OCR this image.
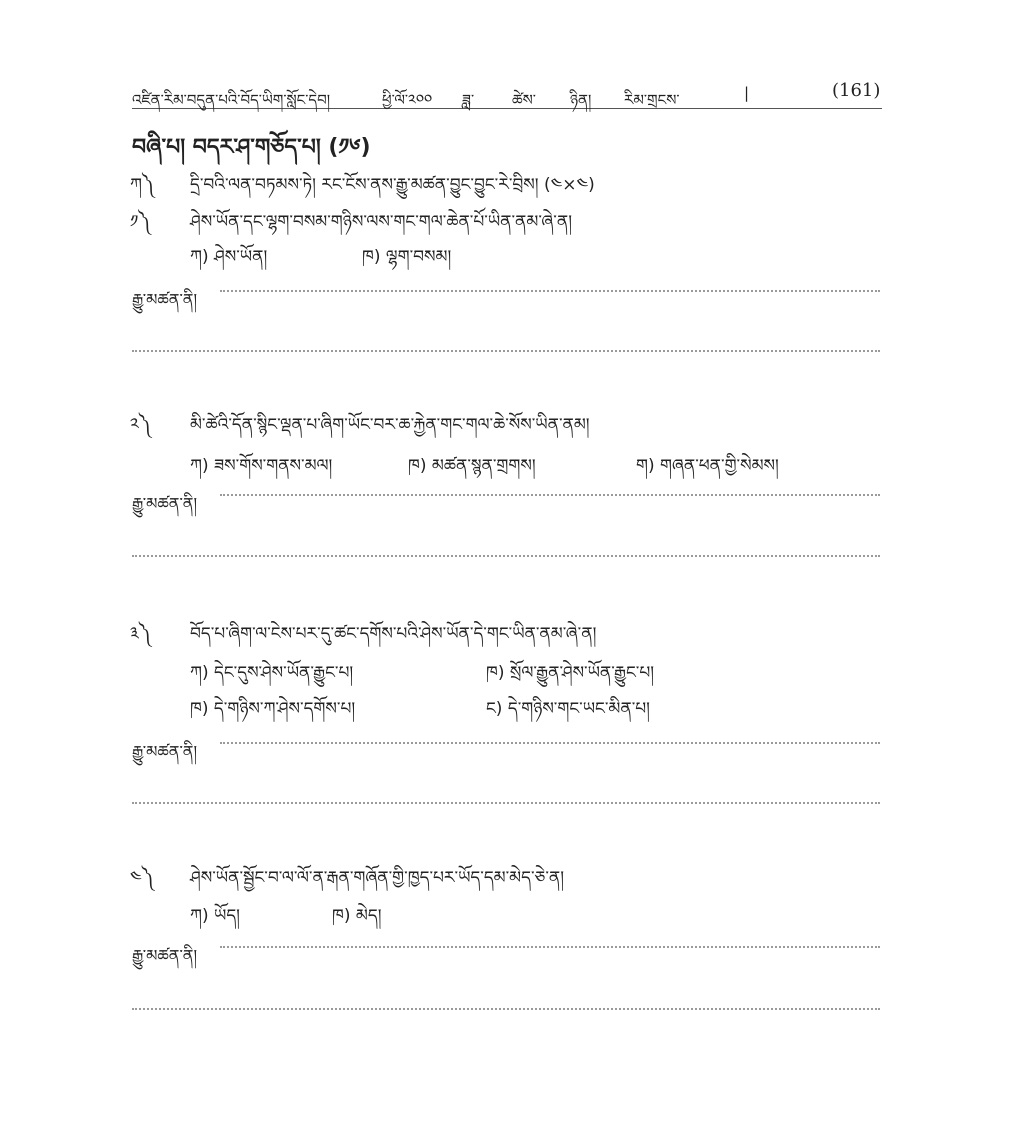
འཛིན་རིམ་བདུན་པའི་བོད་ཡིག་སློང་དེབ།	ཕྱི་ལོ་༢༠༠ ཟླ་	ཚེས་ ཉིན། རིམ་གྲངས་	|	(161)
བཞི་པ། བདར་ཤ་གཅོད་པ། (༡༦)
ཀ༽ དྲི་བའི་ལན་བཏམས་ཏེ། རང་ངོས་ནས་རྒྱུ་མཚན་བྱུང་བྱུང་རེ་བྲིས། (༤×༤)
༡༽ ཤེས་ཡོན་དང་ལྷག་བསམ་གཉིས་ལས་གང་གལ་ཆེན་པོ་ཡིན་ནམ་ཞེ་ན།
ཀ) ཤེས་ཡོན།	ཁ) ལྷག་བསམ།
རྒྱུ་མཚན་ནི།
༢༽ མི་ཚེའི་དོན་སྙིང་ལྡན་པ་ཞིག་ཡོང་བར་ཆ་རྐྱེན་གང་གལ་ཆེ་སོས་ཡིན་ནམ།
ཀ) ཟས་གོས་གནས་མལ།	ཁ) མཚན་སྙན་གྲགས།	ག) གཞན་ཕན་གྱི་སེམས།
རྒྱུ་མཚན་ནི།
༣༽ བོད་པ་ཞིག་ལ་ངེས་པར་དུ་ཚང་དགོས་པའི་ཤེས་ཡོན་དེ་གང་ཡིན་ནམ་ཞེ་ན།
ཀ) དེང་དུས་ཤེས་ཡོན་རྒྱུང་པ།	ཁ) སྲོལ་རྒྱུན་ཤེས་ཡོན་རྒྱུང་པ།
ཁ) དེ་གཉིས་ཀ་ཤེས་དགོས་པ།	ང) དེ་གཉིས་གང་ཡང་མིན་པ།
རྒྱུ་མཚན་ནི།
༤༽ ཤེས་ཡོན་སྦྱོང་བ་ལ་ལོ་ན་རྒན་གཞོན་གྱི་ཁྱད་པར་ཡོད་དམ་མེད་ཅེ་ན།
ཀ) ཡོད།	ཁ) མེད།
རྒྱུ་མཚན་ནི།
